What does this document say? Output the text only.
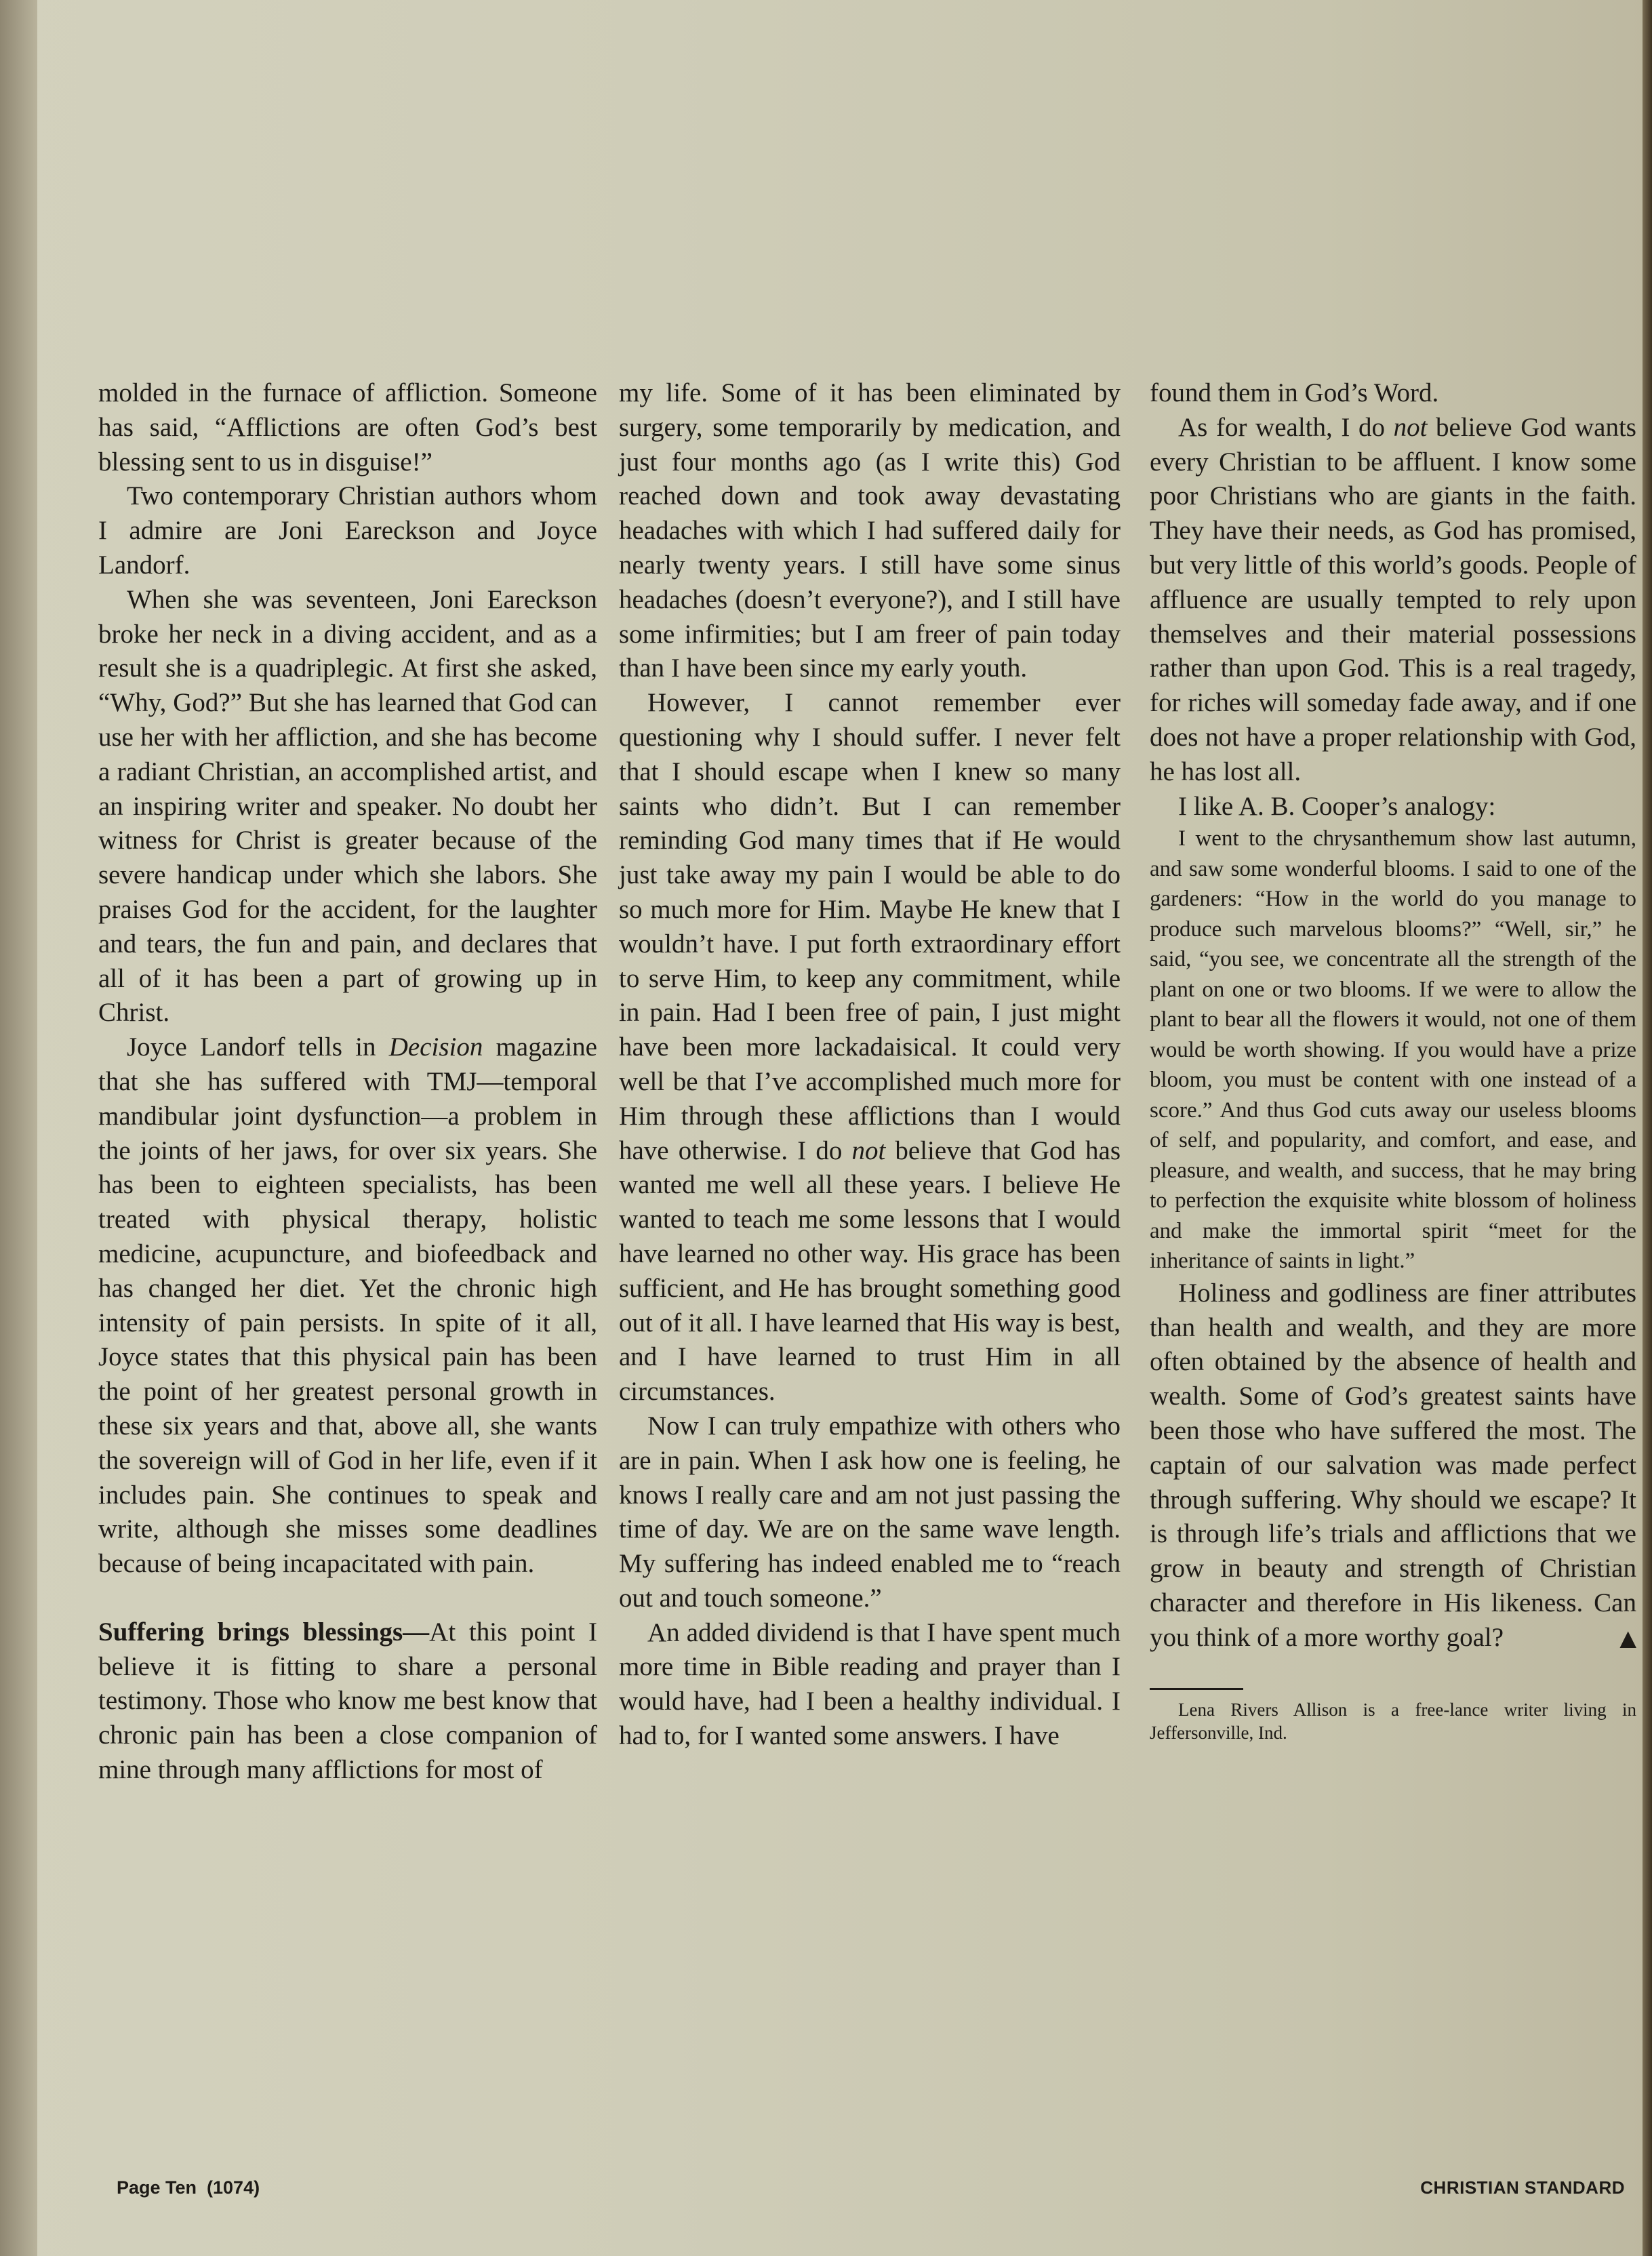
molded in the furnace of affliction. Someone has said, “Afflictions are often God’s best blessing sent to us in disguise!”

Two contemporary Christian authors whom I admire are Joni Eareckson and Joyce Landorf.

When she was seventeen, Joni Eareckson broke her neck in a diving accident, and as a result she is a quadriplegic. At first she asked, “Why, God?” But she has learned that God can use her with her affliction, and she has become a radiant Christian, an accomplished artist, and an inspiring writer and speaker. No doubt her witness for Christ is greater because of the severe handicap under which she labors. She praises God for the accident, for the laughter and tears, the fun and pain, and declares that all of it has been a part of growing up in Christ.

Joyce Landorf tells in Decision magazine that she has suffered with TMJ—temporal mandibular joint dysfunction—a problem in the joints of her jaws, for over six years. She has been to eighteen specialists, has been treated with physical therapy, holistic medicine, acupuncture, and biofeedback and has changed her diet. Yet the chronic high intensity of pain persists. In spite of it all, Joyce states that this physical pain has been the point of her greatest personal growth in these six years and that, above all, she wants the sovereign will of God in her life, even if it includes pain. She continues to speak and write, although she misses some deadlines because of being incapacitated with pain.

Suffering brings blessings—At this point I believe it is fitting to share a personal testimony. Those who know me best know that chronic pain has been a close companion of mine through many afflictions for most of

my life. Some of it has been eliminated by surgery, some temporarily by medication, and just four months ago (as I write this) God reached down and took away devastating headaches with which I had suffered daily for nearly twenty years. I still have some sinus headaches (doesn’t everyone?), and I still have some infirmities; but I am freer of pain today than I have been since my early youth.

However, I cannot remember ever questioning why I should suffer. I never felt that I should escape when I knew so many saints who didn’t. But I can remember reminding God many times that if He would just take away my pain I would be able to do so much more for Him. Maybe He knew that I wouldn’t have. I put forth extraordinary effort to serve Him, to keep any commitment, while in pain. Had I been free of pain, I just might have been more lackadaisical. It could very well be that I’ve accomplished much more for Him through these afflictions than I would have otherwise. I do not believe that God has wanted me well all these years. I believe He wanted to teach me some lessons that I would have learned no other way. His grace has been sufficient, and He has brought something good out of it all. I have learned that His way is best, and I have learned to trust Him in all circumstances.

Now I can truly empathize with others who are in pain. When I ask how one is feeling, he knows I really care and am not just passing the time of day. We are on the same wave length. My suffering has indeed enabled me to “reach out and touch someone.”

An added dividend is that I have spent much more time in Bible reading and prayer than I would have, had I been a healthy individual. I had to, for I wanted some answers. I have

found them in God’s Word.

As for wealth, I do not believe God wants every Christian to be affluent. I know some poor Christians who are giants in the faith. They have their needs, as God has promised, but very little of this world’s goods. People of affluence are usually tempted to rely upon themselves and their material possessions rather than upon God. This is a real tragedy, for riches will someday fade away, and if one does not have a proper relationship with God, he has lost all.

I like A. B. Cooper’s analogy:

I went to the chrysanthemum show last autumn, and saw some wonderful blooms. I said to one of the gardeners: “How in the world do you manage to produce such marvelous blooms?” “Well, sir,” he said, “you see, we concentrate all the strength of the plant on one or two blooms. If we were to allow the plant to bear all the flowers it would, not one of them would be worth showing. If you would have a prize bloom, you must be content with one instead of a score.” And thus God cuts away our useless blooms of self, and popularity, and comfort, and ease, and pleasure, and wealth, and success, that he may bring to perfection the exquisite white blossom of holiness and make the immortal spirit “meet for the inheritance of saints in light.”

Holiness and godliness are finer attributes than health and wealth, and they are more often obtained by the absence of health and wealth. Some of God’s greatest saints have been those who have suffered the most. The captain of our salvation was made perfect through suffering. Why should we escape? It is through life’s trials and afflictions that we grow in beauty and strength of Christian character and therefore in His likeness. Can you think of a more worthy goal?	▲

Lena Rivers Allison is a free-lance writer living in Jeffersonville, Ind.

Page Ten  (1074)	CHRISTIAN STANDARD
